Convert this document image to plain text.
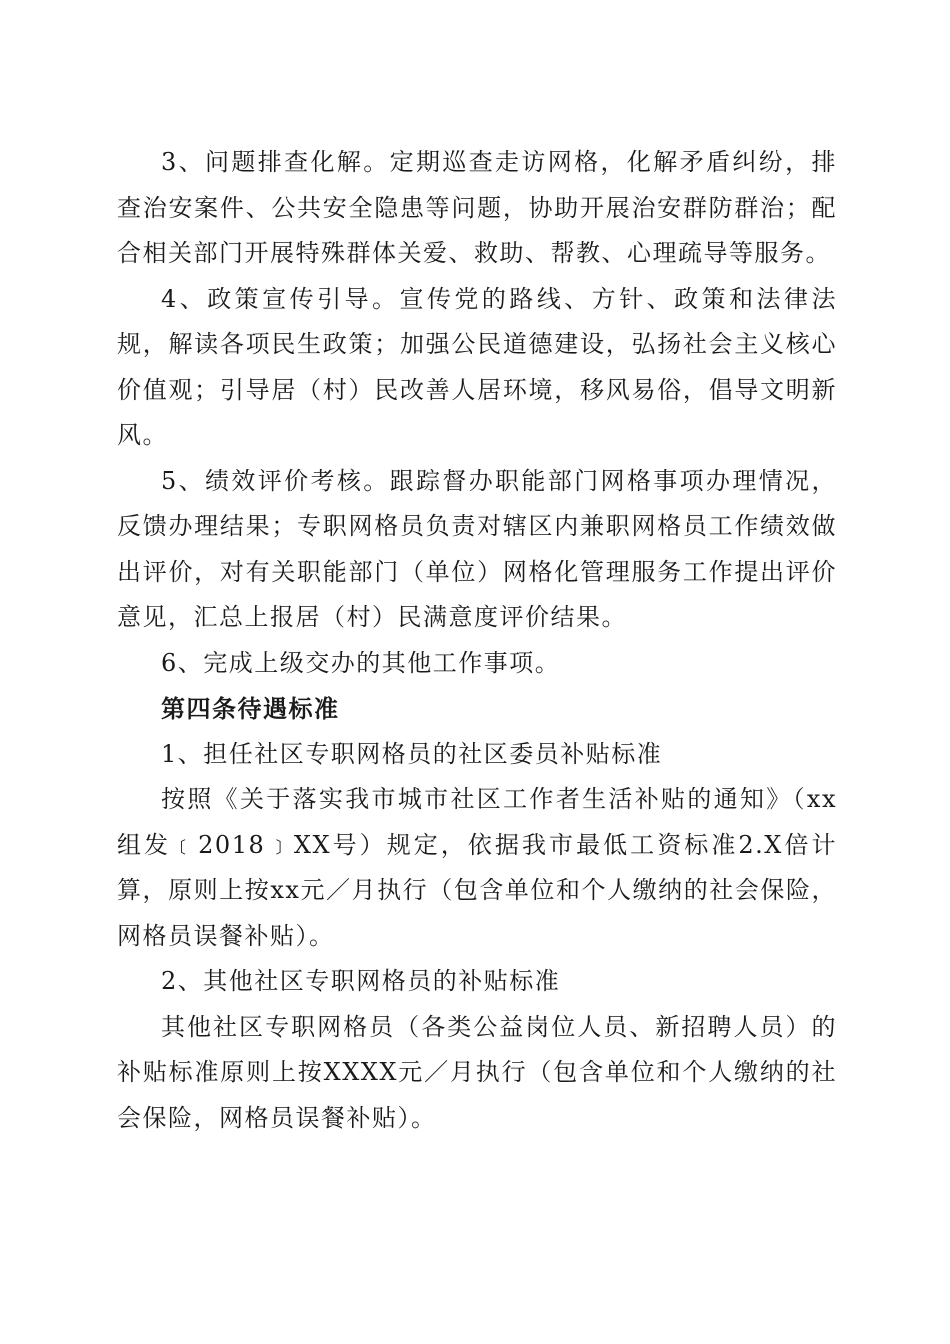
3、问题排查化解。定期巡查走访网格，化解矛盾纠纷，排查治安案件、公共安全隐患等问题，协助开展治安群防群治；配合相关部门开展特殊群体关爱、救助、帮教、心理疏导等服务。

4、政策宣传引导。宣传党的路线、方针、政策和法律法规，解读各项民生政策；加强公民道德建设，弘扬社会主义核心价值观；引导居（村）民改善人居环境，移风易俗，倡导文明新风。

5、绩效评价考核。跟踪督办职能部门网格事项办理情况，反馈办理结果；专职网格员负责对辖区内兼职网格员工作绩效做出评价，对有关职能部门（单位）网格化管理服务工作提出评价意见，汇总上报居（村）民满意度评价结果。

6、完成上级交办的其他工作事项。

第四条待遇标准

1、担任社区专职网格员的社区委员补贴标准

按照《关于落实我市城市社区工作者生活补贴的通知》（xx组发﹝2018﹞XX号）规定，依据我市最低工资标准2.X倍计算，原则上按xx元／月执行（包含单位和个人缴纳的社会保险，网格员误餐补贴）。

2、其他社区专职网格员的补贴标准

其他社区专职网格员（各类公益岗位人员、新招聘人员）的补贴标准原则上按XXXX元／月执行（包含单位和个人缴纳的社会保险，网格员误餐补贴）。
